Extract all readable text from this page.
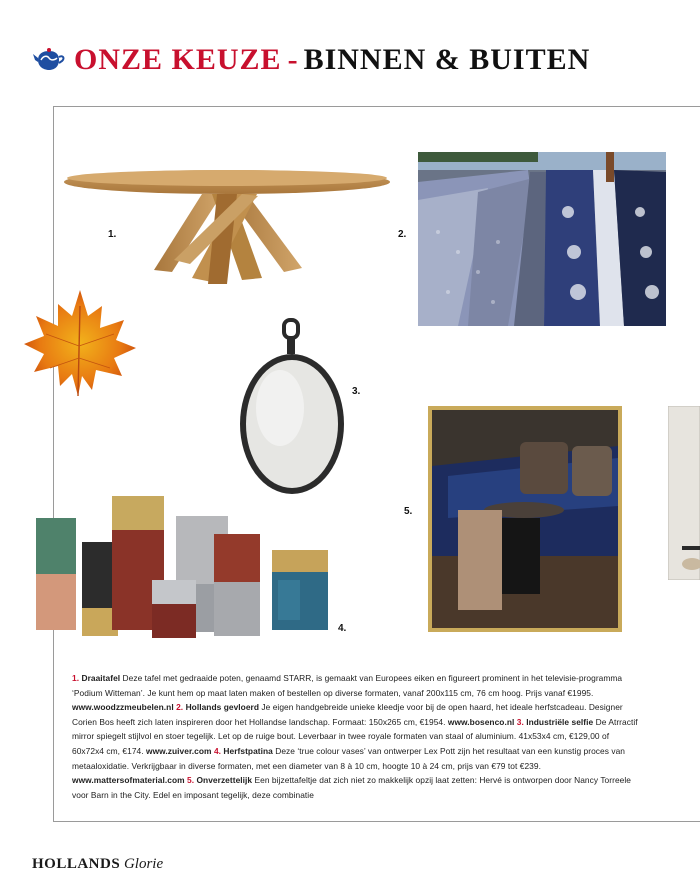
ONZE KEUZE - BINNEN & BUITEN
1.	2.
3.
4.
5.
1. Draaitafel Deze tafel met gedraaide poten, genaamd STARR, is gemaakt van Europees eiken en figureert prominent in het televisie-programma ‘Podium Witteman’. Je kunt hem op maat laten maken of bestellen op diverse formaten, vanaf 200x115 cm, 76 cm hoog. Prijs vanaf €1995. www.woodzzmeubelen.nl 2. Hollands gevloerd Je eigen handgebreide unieke kleedje voor bij de open haard, het ideale herfstcadeau. Designer Corien Bos heeft zich laten inspireren door het Hollandse landschap. Formaat: 150x265 cm, €1954. www.bosenco.nl 3. Industriële selfie De Atrractif mirror spiegelt stijlvol en stoer tegelijk. Let op de ruige bout. Leverbaar in twee royale formaten van staal of aluminium. 41x53x4 cm, €129,00 of 60x72x4 cm, €174. www.zuiver.com 4. Herfstpatina Deze ‘true colour vases’ van ontwerper Lex Pott zijn het resultaat van een kunstig proces van metaaloxidatie. Verkrijgbaar in diverse formaten, met een diameter van 8 à 10 cm, hoogte 10 à 24 cm, prijs van €79 tot €239. www.mattersofmaterial.com 5. Onverzettelijk Een bijzettafeltje dat zich niet zo makkelijk opzij laat zetten: Hervé is ontworpen door Nancy Torreele voor Barn in the City. Edel en imposant tegelijk, deze combinatie
HOLLANDS Glorie
